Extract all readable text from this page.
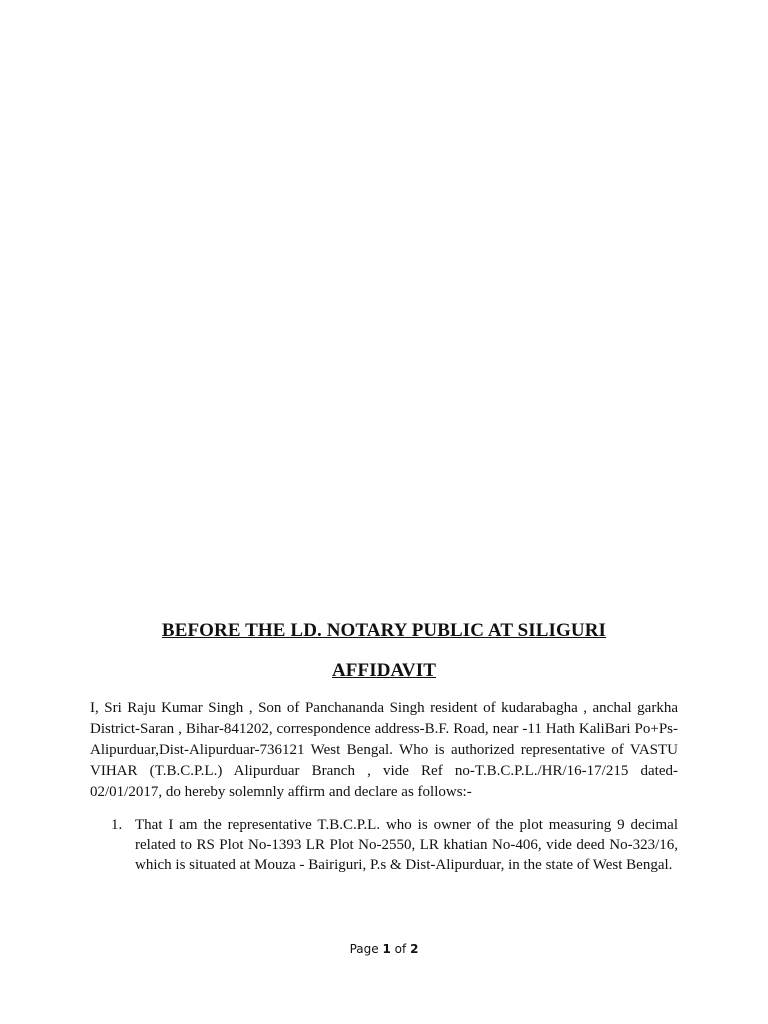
BEFORE THE LD. NOTARY PUBLIC AT SILIGURI
AFFIDAVIT

I, Sri Raju Kumar Singh , Son of Panchananda Singh resident of kudarabagha , anchal garkha District-Saran , Bihar-841202, correspondence address-B.F. Road, near -11 Hath KaliBari Po+Ps- Alipurduar,Dist-Alipurduar-736121 West Bengal. Who is authorized representative of VASTU VIHAR (T.B.C.P.L.) Alipurduar Branch , vide Ref no-T.B.C.P.L./HR/16-17/215 dated-02/01/2017, do hereby solemnly affirm and declare as follows:-

1. That I am the representative T.B.C.P.L. who is owner of the plot measuring 9 decimal related to RS Plot No-1393 LR Plot No-2550, LR khatian No-406, vide deed No-323/16, which is situated at Mouza - Bairiguri, P.s & Dist-Alipurduar, in the state of West Bengal.
Page 1 of 2
